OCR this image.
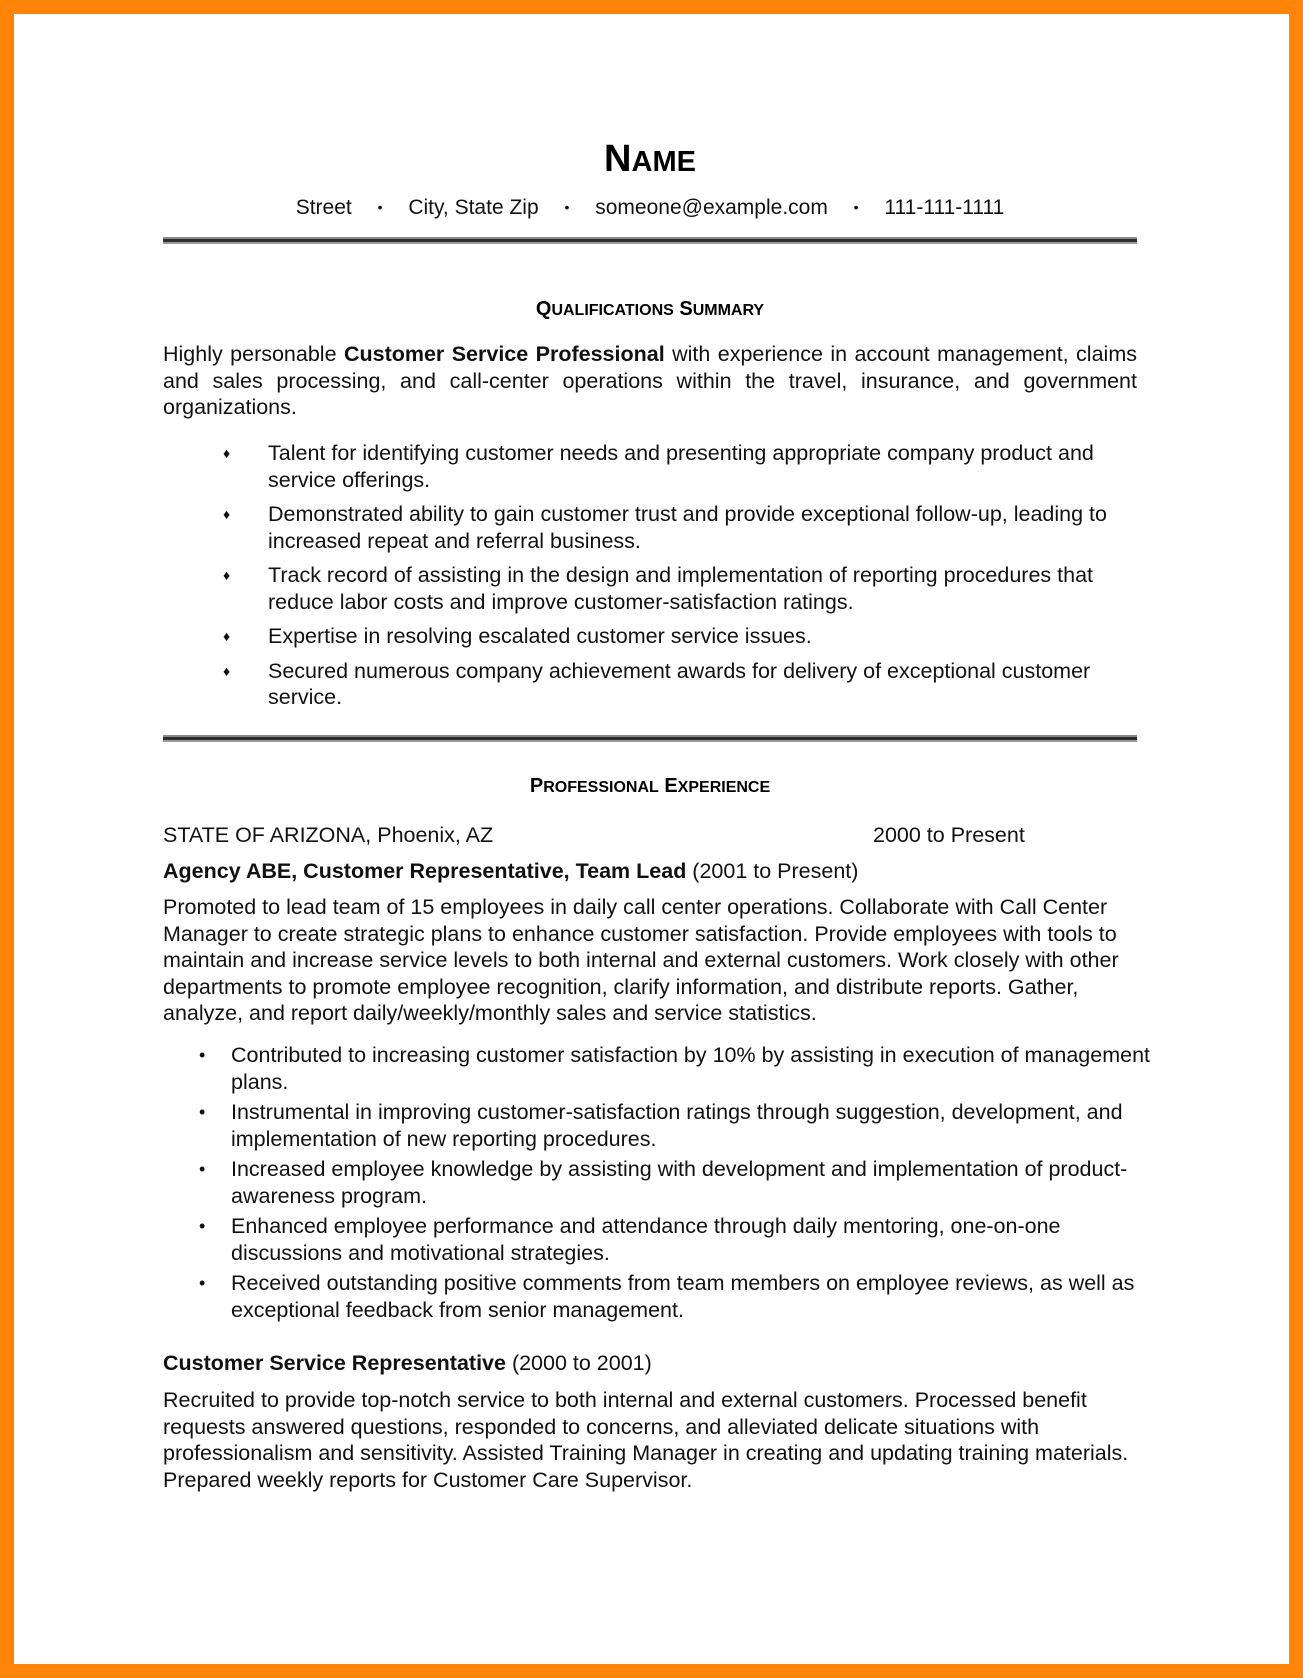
NAME
Street • City, State Zip • someone@example.com • 111-111-1111
QUALIFICATIONS SUMMARY
Highly personable Customer Service Professional with experience in account management, claims and sales processing, and call-center operations within the travel, insurance, and government organizations.
♦ Talent for identifying customer needs and presenting appropriate company product and service offerings.
♦ Demonstrated ability to gain customer trust and provide exceptional follow-up, leading to increased repeat and referral business.
♦ Track record of assisting in the design and implementation of reporting procedures that reduce labor costs and improve customer-satisfaction ratings.
♦ Expertise in resolving escalated customer service issues.
♦ Secured numerous company achievement awards for delivery of exceptional customer service.
PROFESSIONAL EXPERIENCE
STATE OF ARIZONA, Phoenix, AZ	2000 to Present
Agency ABE, Customer Representative, Team Lead (2001 to Present)
Promoted to lead team of 15 employees in daily call center operations. Collaborate with Call Center Manager to create strategic plans to enhance customer satisfaction. Provide employees with tools to maintain and increase service levels to both internal and external customers. Work closely with other departments to promote employee recognition, clarify information, and distribute reports. Gather, analyze, and report daily/weekly/monthly sales and service statistics.
• Contributed to increasing customer satisfaction by 10% by assisting in execution of management plans.
• Instrumental in improving customer-satisfaction ratings through suggestion, development, and implementation of new reporting procedures.
• Increased employee knowledge by assisting with development and implementation of product-awareness program.
• Enhanced employee performance and attendance through daily mentoring, one-on-one discussions and motivational strategies.
• Received outstanding positive comments from team members on employee reviews, as well as exceptional feedback from senior management.
Customer Service Representative (2000 to 2001)
Recruited to provide top-notch service to both internal and external customers. Processed benefit requests answered questions, responded to concerns, and alleviated delicate situations with professionalism and sensitivity. Assisted Training Manager in creating and updating training materials. Prepared weekly reports for Customer Care Supervisor.
